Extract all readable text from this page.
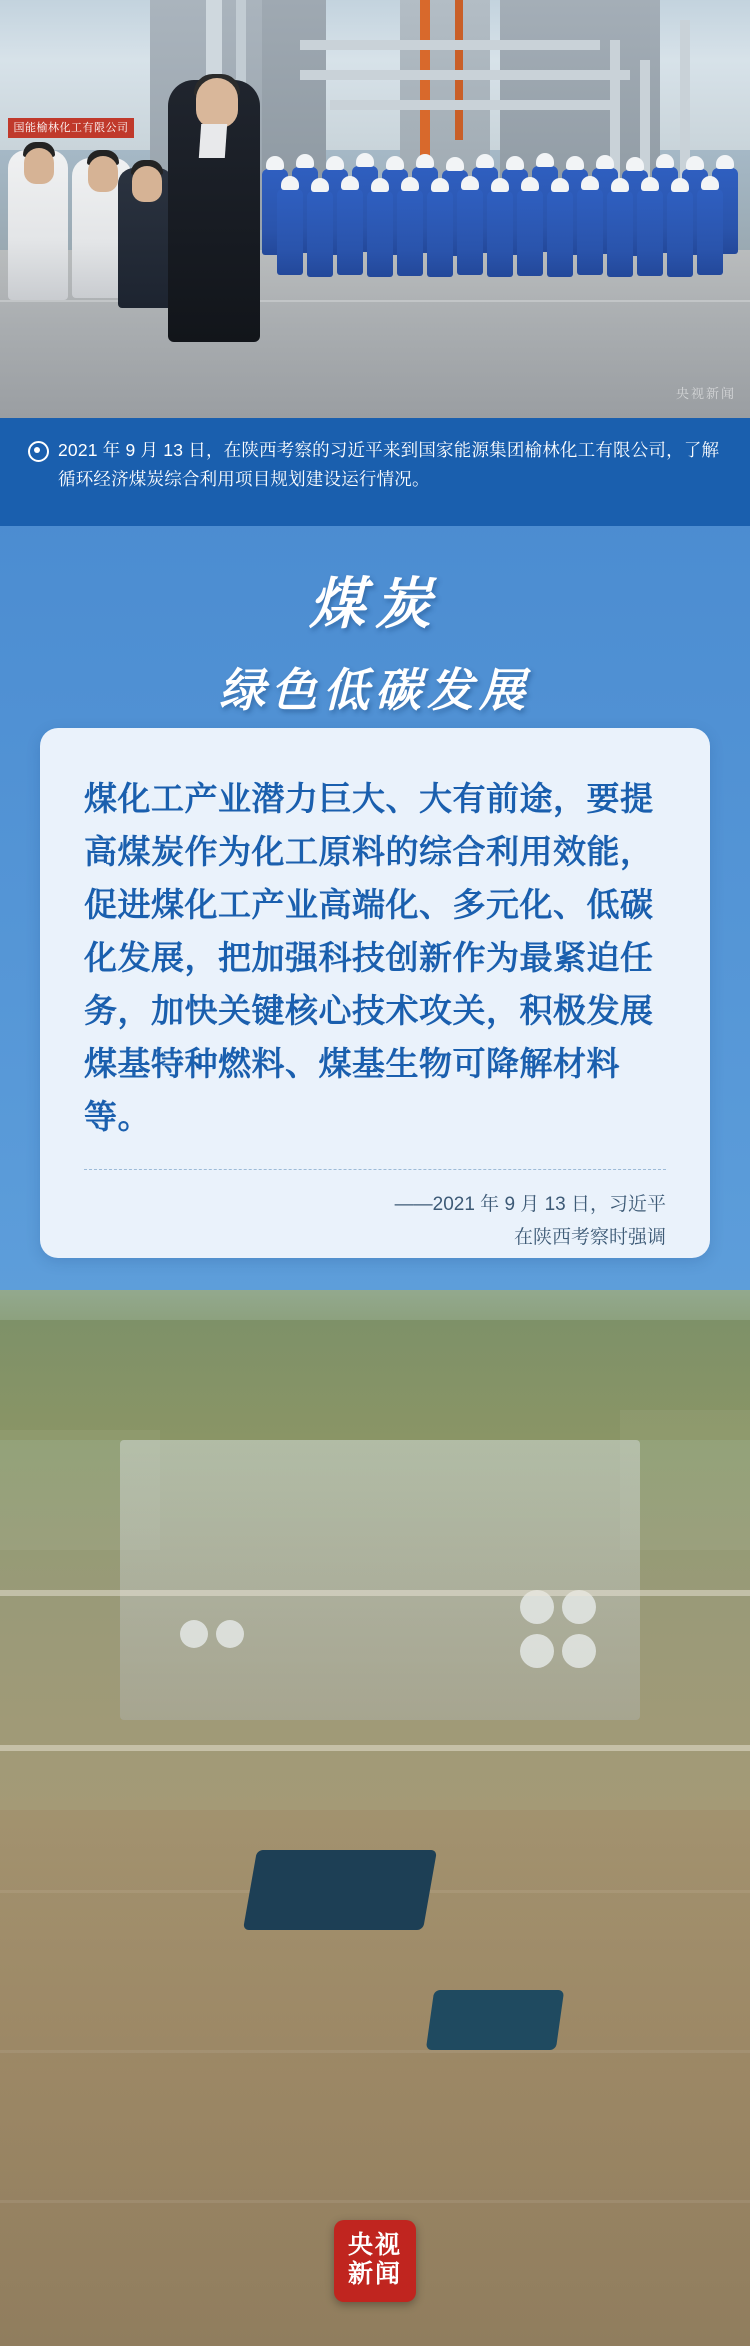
国能榆林化工有限公司
央视新闻
2021 年 9 月 13 日，在陕西考察的习近平来到国家能源集团榆林化工有限公司，了解循环经济煤炭综合利用项目规划建设运行情况。
煤炭
绿色低碳发展
煤化工产业潜力巨大、大有前途，要提高煤炭作为化工原料的综合利用效能，促进煤化工产业高端化、多元化、低碳化发展，把加强科技创新作为最紧迫任务，加快关键核心技术攻关，积极发展煤基特种燃料、煤基生物可降解材料等。
——2021 年 9 月 13 日，习近平
在陕西考察时强调
央视
新闻
